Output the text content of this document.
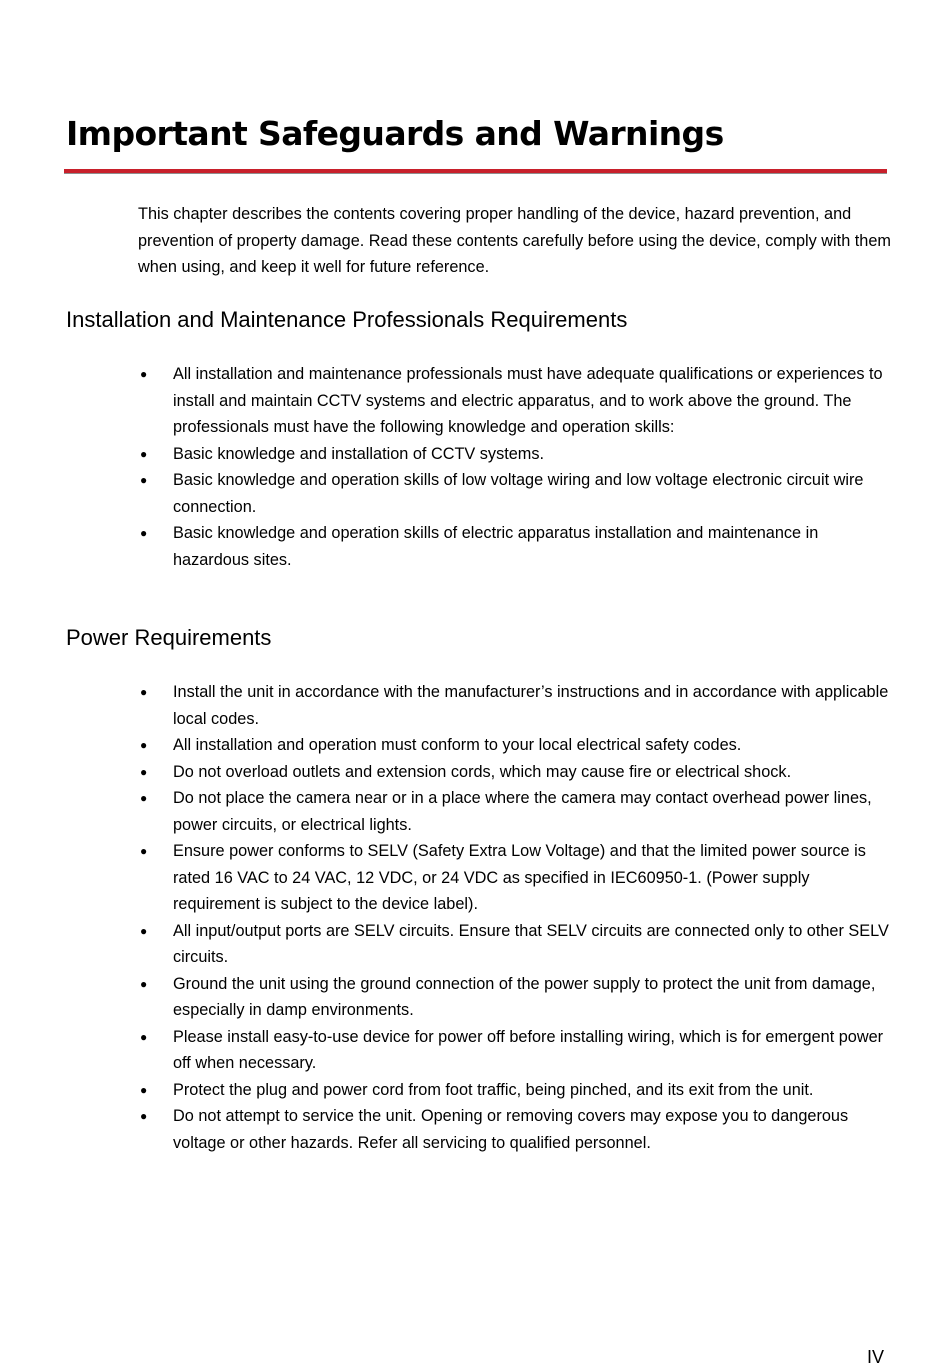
Important Safeguards and Warnings

This chapter describes the contents covering proper handling of the device, hazard prevention, and prevention of property damage. Read these contents carefully before using the device, comply with them when using, and keep it well for future reference.

Installation and Maintenance Professionals Requirements
● All installation and maintenance professionals must have adequate qualifications or experiences to install and maintain CCTV systems and electric apparatus, and to work above the ground. The professionals must have the following knowledge and operation skills:
● Basic knowledge and installation of CCTV systems.
● Basic knowledge and operation skills of low voltage wiring and low voltage electronic circuit wire connection.
● Basic knowledge and operation skills of electric apparatus installation and maintenance in hazardous sites.
Power Requirements
● Install the unit in accordance with the manufacturer’s instructions and in accordance with applicable local codes.
● All installation and operation must conform to your local electrical safety codes.
● Do not overload outlets and extension cords, which may cause fire or electrical shock.
● Do not place the camera near or in a place where the camera may contact overhead power lines, power circuits, or electrical lights.
● Ensure power conforms to SELV (Safety Extra Low Voltage) and that the limited power source is rated 16 VAC to 24 VAC, 12 VDC, or 24 VDC as specified in IEC60950-1. (Power supply requirement is subject to the device label).
● All input/output ports are SELV circuits. Ensure that SELV circuits are connected only to other SELV circuits.
● Ground the unit using the ground connection of the power supply to protect the unit from damage, especially in damp environments.
● Please install easy-to-use device for power off before installing wiring, which is for emergent power off when necessary.
● Protect the plug and power cord from foot traffic, being pinched, and its exit from the unit.
● Do not attempt to service the unit. Opening or removing covers may expose you to dangerous voltage or other hazards. Refer all servicing to qualified personnel.
IV
